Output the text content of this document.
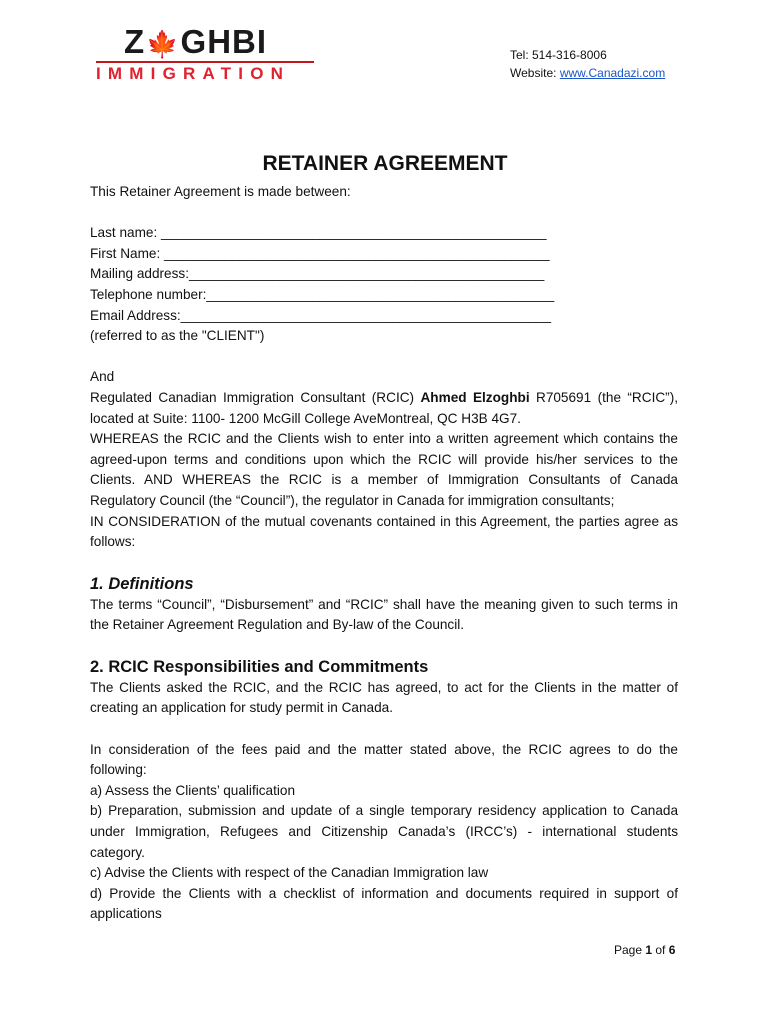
Z🍁GHBI
IMMIGRATION
Tel: 514-316-8006
Website: www.Canadazi.com
RETAINER AGREEMENT

This Retainer Agreement is made between:

Last name: ___________________________________________________

First Name: ___________________________________________________

Mailing address:_______________________________________________

Telephone number:______________________________________________

Email Address:_________________________________________________

(referred to as the "CLIENT")

And

Regulated Canadian Immigration Consultant (RCIC) Ahmed Elzoghbi R705691 (the “RCIC”), located at Suite: 1100- 1200 McGill College AveMontreal, QC H3B 4G7.

WHEREAS the RCIC and the Clients wish to enter into a written agreement which contains the agreed-upon terms and conditions upon which the RCIC will provide his/her services to the Clients. AND WHEREAS the RCIC is a member of Immigration Consultants of Canada Regulatory Council (the “Council”), the regulator in Canada for immigration consultants;

IN CONSIDERATION of the mutual covenants contained in this Agreement, the parties agree as follows:

1. Definitions

The terms “Council”, “Disbursement” and “RCIC” shall have the meaning given to such terms in the Retainer Agreement Regulation and By-law of the Council.

2. RCIC Responsibilities and Commitments

The Clients asked the RCIC, and the RCIC has agreed, to act for the Clients in the matter of creating an application for study permit in Canada.

In consideration of the fees paid and the matter stated above, the RCIC agrees to do the following:

a) Assess the Clients’ qualification

b) Preparation, submission and update of a single temporary residency application to Canada under Immigration, Refugees and Citizenship Canada’s (IRCC’s) - international students category.

c) Advise the Clients with respect of the Canadian Immigration law

d) Provide the Clients with a checklist of information and documents required in support of applications

Page 1 of 6
